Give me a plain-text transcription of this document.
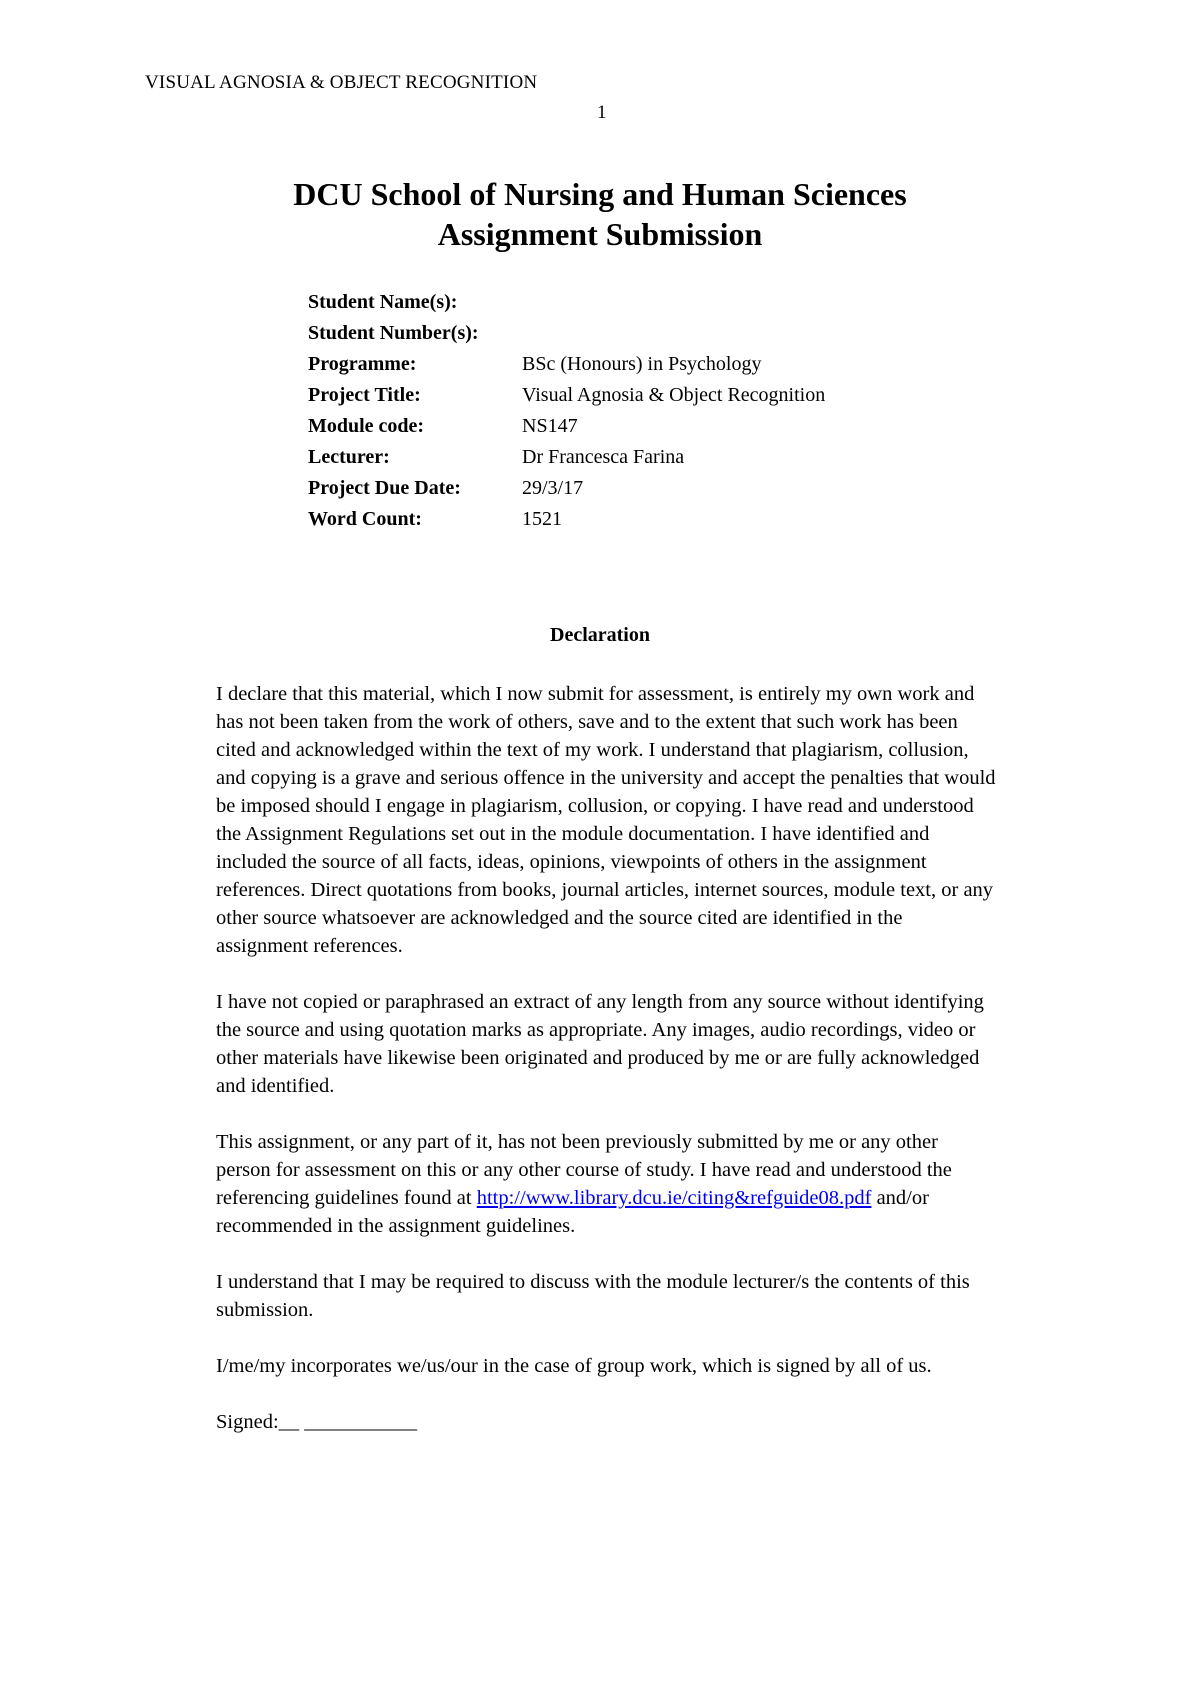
VISUAL AGNOSIA & OBJECT RECOGNITION
1
DCU School of Nursing and Human Sciences
Assignment Submission
Student Name(s):
Student Number(s):
Programme:	BSc (Honours) in Psychology
Project Title:	Visual Agnosia & Object Recognition
Module code:	NS147
Lecturer:	Dr Francesca Farina
Project Due Date:	29/3/17
Word Count:	1521
Declaration

I declare that this material, which I now submit for assessment, is entirely my own work and has not been taken from the work of others, save and to the extent that such work has been cited and acknowledged within the text of my work. I understand that plagiarism, collusion, and copying is a grave and serious offence in the university and accept the penalties that would be imposed should I engage in plagiarism, collusion, or copying. I have read and understood the Assignment Regulations set out in the module documentation. I have identified and included the source of all facts, ideas, opinions, viewpoints of others in the assignment references. Direct quotations from books, journal articles, internet sources, module text, or any other source whatsoever are acknowledged and the source cited are identified in the assignment references.

I have not copied or paraphrased an extract of any length from any source without identifying the source and using quotation marks as appropriate. Any images, audio recordings, video or other materials have likewise been originated and produced by me or are fully acknowledged and identified.

This assignment, or any part of it, has not been previously submitted by me or any other person for assessment on this or any other course of study. I have read and understood the referencing guidelines found at http://www.library.dcu.ie/citing&refguide08.pdf and/or recommended in the assignment guidelines.

I understand that I may be required to discuss with the module lecturer/s the contents of this submission.

I/me/my incorporates we/us/our in the case of group work, which is signed by all of us.

Signed:__ ___________
